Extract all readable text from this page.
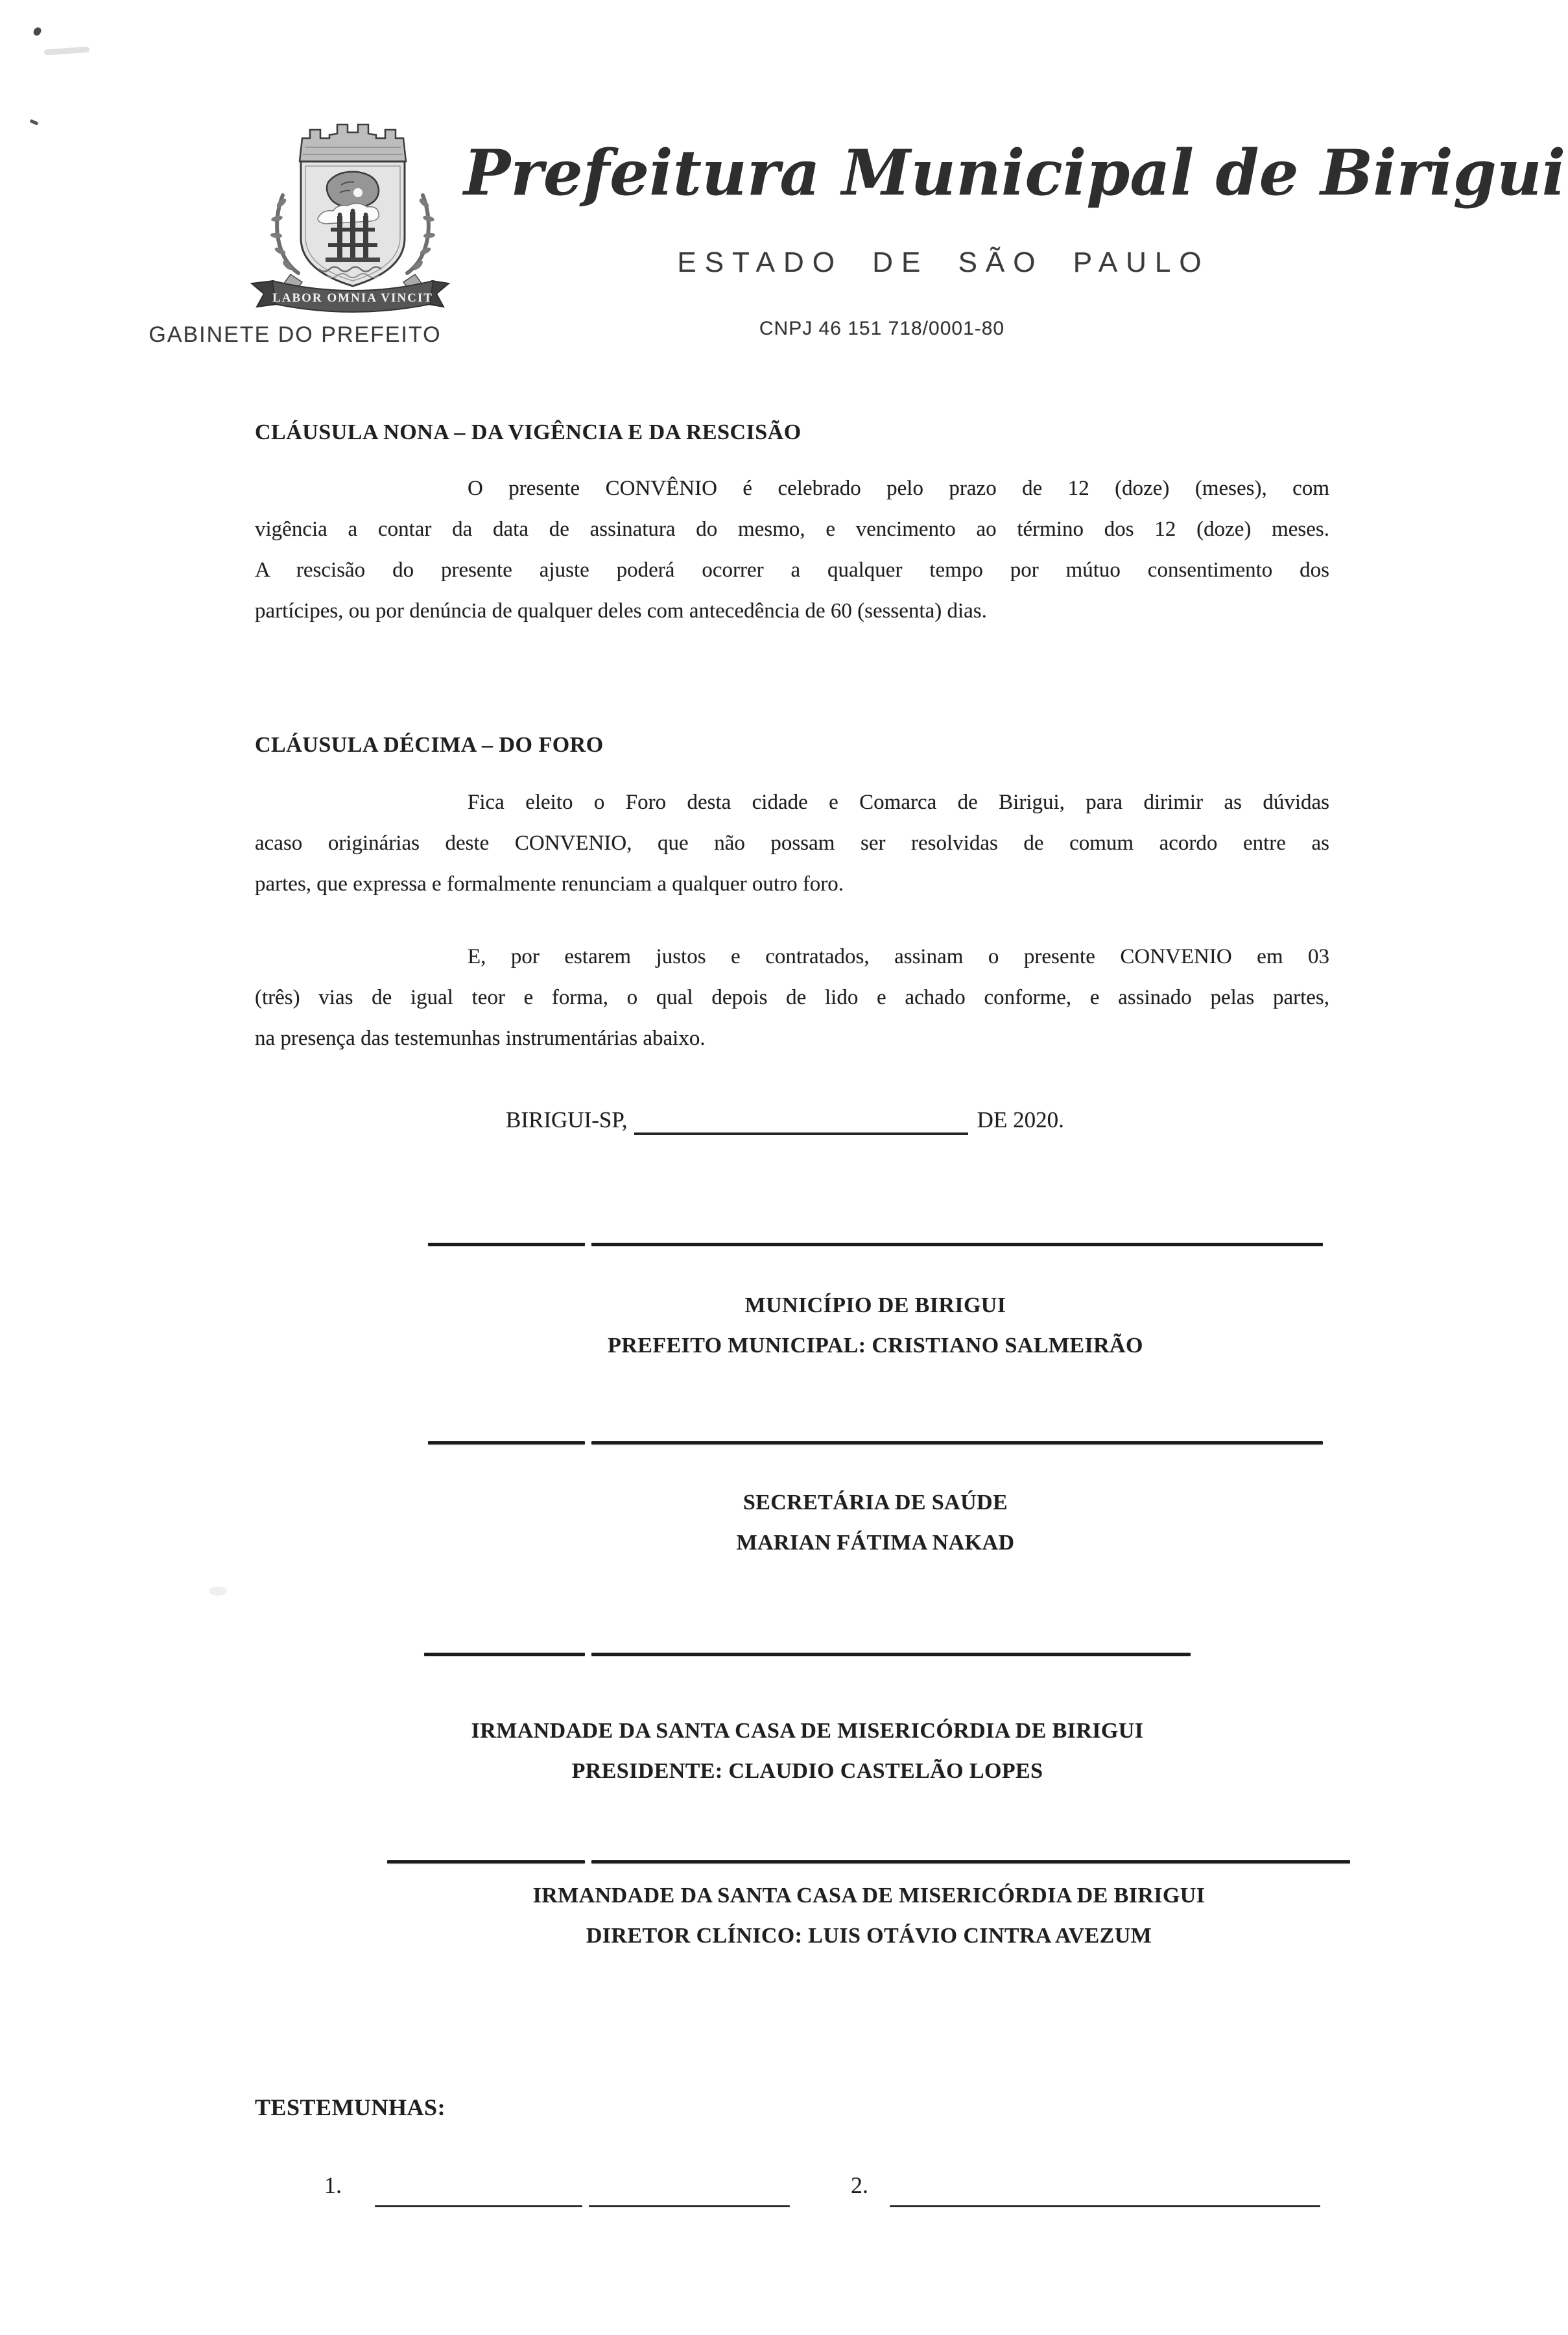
LABOR OMNIA VINCIT
GABINETE DO PREFEITO
Prefeitura Municipal de Birigui
ESTADO DE SÃO PAULO
CNPJ 46 151 718/0001-80
CLÁUSULA NONA – DA VIGÊNCIA E DA RESCISÃO
O presente CONVÊNIO é celebrado pelo prazo de 12 (doze) (meses), com
vigência a contar da data de assinatura do mesmo, e vencimento ao término dos 12 (doze) meses.
A rescisão do presente ajuste poderá ocorrer a qualquer tempo por mútuo consentimento dos
partícipes, ou por denúncia de qualquer deles com antecedência de 60 (sessenta) dias.
CLÁUSULA DÉCIMA – DO FORO
Fica eleito o Foro desta cidade e Comarca de Birigui, para dirimir as dúvidas
acaso originárias deste CONVENIO, que não possam ser resolvidas de comum acordo entre as
partes, que expressa e formalmente renunciam a qualquer outro foro.
E, por estarem justos e contratados, assinam o presente CONVENIO em 03
(três) vias de igual teor e forma, o qual depois de lido e achado conforme, e assinado pelas partes,
na presença das testemunhas instrumentárias abaixo.
BIRIGUI-SP,	DE 2020.
MUNICÍPIO DE BIRIGUI
PREFEITO MUNICIPAL: CRISTIANO SALMEIRÃO
SECRETÁRIA DE SAÚDE
MARIAN FÁTIMA NAKAD
IRMANDADE DA SANTA CASA DE MISERICÓRDIA DE BIRIGUI
PRESIDENTE: CLAUDIO CASTELÃO LOPES
IRMANDADE DA SANTA CASA DE MISERICÓRDIA DE BIRIGUI
DIRETOR CLÍNICO: LUIS OTÁVIO CINTRA AVEZUM
TESTEMUNHAS:
1.	2.
